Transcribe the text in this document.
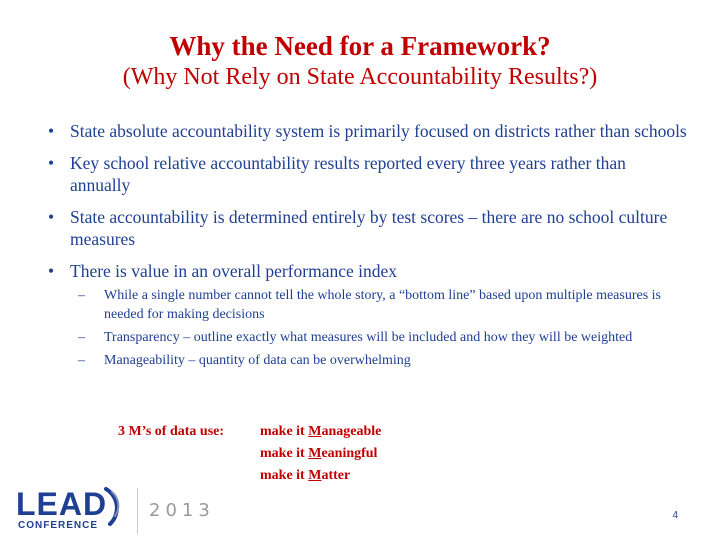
Why the Need for a Framework?
(Why Not Rely on State Accountability Results?)
• State absolute accountability system is primarily focused on districts rather than schools
• Key school relative accountability results reported every three years rather than annually
• State accountability is determined entirely by test scores – there are no school culture measures
• There is value in an overall performance index
– While a single number cannot tell the whole story, a “bottom line” based upon multiple measures is needed for making decisions
– Transparency – outline exactly what measures will be included and how they will be weighted
– Manageability – quantity of data can be overwhelming
3 M’s of data use:	make it Manageable
make it Meaningful
make it Matter
LEAD
CONFERENCE
2013	4
